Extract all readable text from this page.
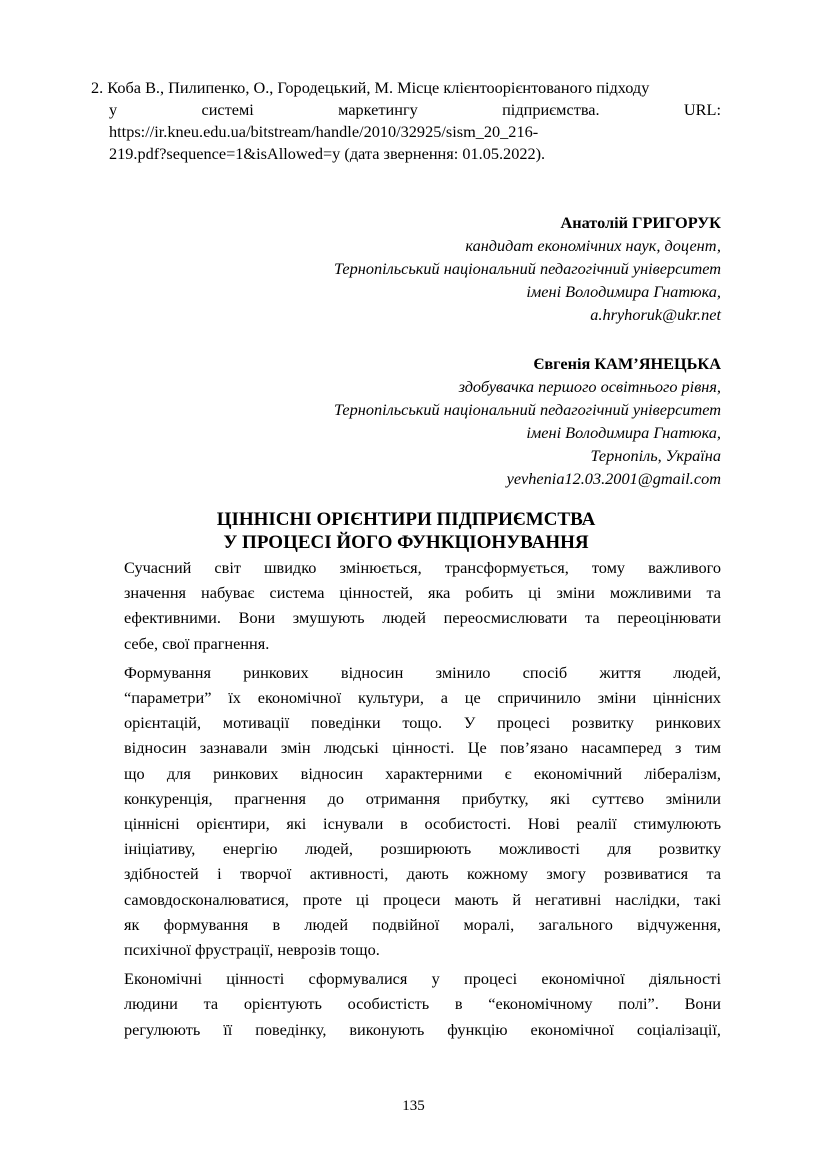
2. Коба В., Пилипенко, О., Городецький, М. Місце клієнтоорієнтованого підходу
у системі маркетингу підприємства. URL:
https://ir.kneu.edu.ua/bitstream/handle/2010/32925/sism_20_216-
219.pdf?sequence=1&isAllowed=y (дата звернення: 01.05.2022).
Анатолій ГРИГОРУК
кандидат економічних наук, доцент,
Тернопільський національний педагогічний університет
імені Володимира Гнатюка,
a.hryhoruk@ukr.net
Євгенія КАМ’ЯНЕЦЬКА
здобувачка першого освітнього рівня,
Тернопільський національний педагогічний університет
імені Володимира Гнатюка,
Тернопіль, Україна
yevhenia12.03.2001@gmail.com
ЦІННІСНІ ОРІЄНТИРИ ПІДПРИЄМСТВА
У ПРОЦЕСІ ЙОГО ФУНКЦІОНУВАННЯ
Сучасний світ швидко змінюється, трансформується, тому важливого
значення набуває система цінностей, яка робить ці зміни можливими та
ефективними. Вони змушують людей переосмислювати та переоцінювати
себе, свої прагнення.
Формування ринкових відносин змінило спосіб життя людей,
“параметри” їх економічної культури, а це спричинило зміни ціннісних
орієнтацій, мотивації поведінки тощо. У процесі розвитку ринкових
відносин зазнавали змін людські цінності. Це пов’язано насамперед з тим
що для ринкових відносин характерними є економічний лібералізм,
конкуренція, прагнення до отримання прибутку, які суттєво змінили
ціннісні орієнтири, які існували в особистості. Нові реалії стимулюють
ініціативу, енергію людей, розширюють можливості для розвитку
здібностей і творчої активності, дають кожному змогу розвиватися та
самовдосконалюватися, проте ці процеси мають й негативні наслідки, такі
як формування в людей подвійної моралі, загального відчуження,
психічної фрустрації, неврозів тощо.
Економічні цінності сформувалися у процесі економічної діяльності
людини та орієнтують особистість в “економічному полі”. Вони
регулюють її поведінку, виконують функцію економічної соціалізації,
135
